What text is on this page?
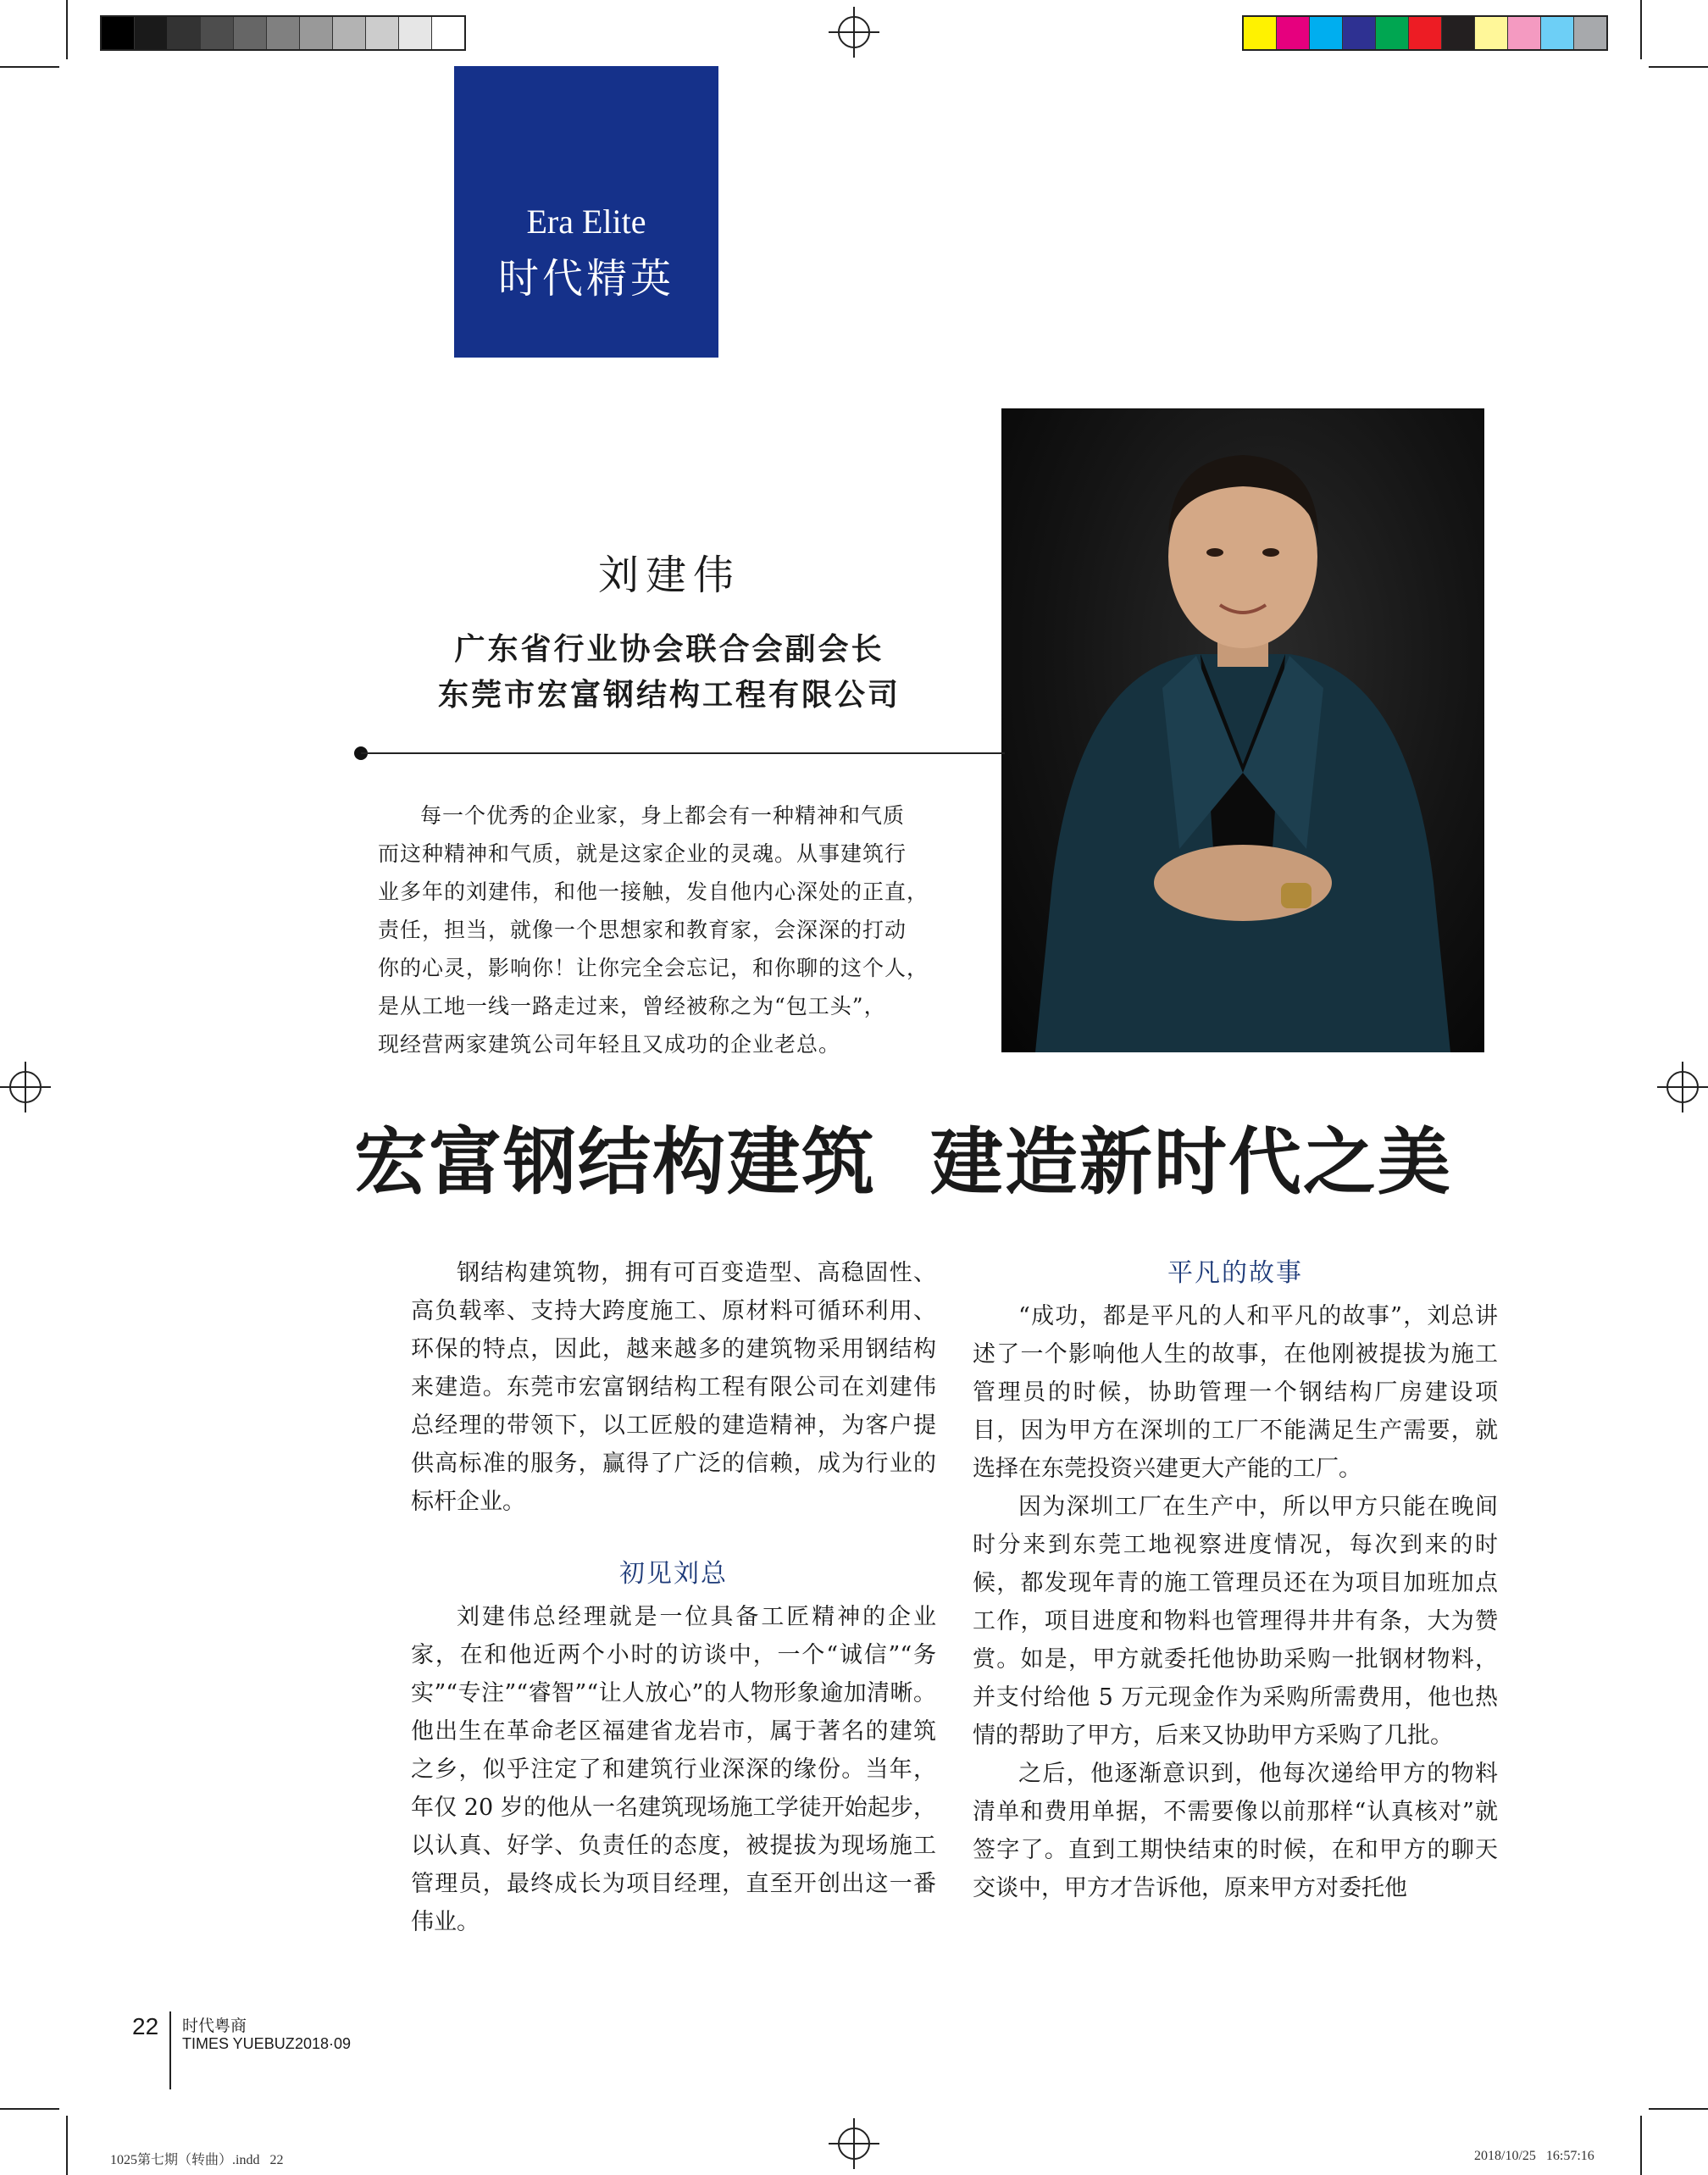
Era Elite
时代精英
刘建伟
广东省行业协会联合会副会长
东莞市宏富钢结构工程有限公司
每一个优秀的企业家，身上都会有一种精神和气质
而这种精神和气质，就是这家企业的灵魂。从事建筑行
业多年的刘建伟，和他一接触，发自他内心深处的正直，
责任，担当，就像一个思想家和教育家，会深深的打动
你的心灵，影响你！让你完全会忘记，和你聊的这个人，
是从工地一线一路走过来，曾经被称之为“包工头”，
现经营两家建筑公司年轻且又成功的企业老总。
宏富钢结构建筑  建造新时代之美

钢结构建筑物，拥有可百变造型、高稳固性、高负载率、支持大跨度施工、原材料可循环利用、环保的特点，因此，越来越多的建筑物采用钢结构来建造。东莞市宏富钢结构工程有限公司在刘建伟总经理的带领下，以工匠般的建造精神，为客户提供高标准的服务，赢得了广泛的信赖，成为行业的标杆企业。

初见刘总

刘建伟总经理就是一位具备工匠精神的企业家，在和他近两个小时的访谈中，一个“诚信”“务实”“专注”“睿智”“让人放心”的人物形象逾加清晰。他出生在革命老区福建省龙岩市，属于著名的建筑之乡，似乎注定了和建筑行业深深的缘份。当年，年仅 20 岁的他从一名建筑现场施工学徒开始起步，以认真、好学、负责任的态度，被提拔为现场施工管理员，最终成长为项目经理，直至开创出这一番伟业。

平凡的故事

“成功，都是平凡的人和平凡的故事”，刘总讲述了一个影响他人生的故事，在他刚被提拔为施工管理员的时候，协助管理一个钢结构厂房建设项目，因为甲方在深圳的工厂不能满足生产需要，就选择在东莞投资兴建更大产能的工厂。

因为深圳工厂在生产中，所以甲方只能在晚间时分来到东莞工地视察进度情况，每次到来的时候，都发现年青的施工管理员还在为项目加班加点工作，项目进度和物料也管理得井井有条，大为赞赏。如是，甲方就委托他协助采购一批钢材物料，并支付给他 5 万元现金作为采购所需费用，他也热情的帮助了甲方，后来又协助甲方采购了几批。

之后，他逐渐意识到，他每次递给甲方的物料清单和费用单据，不需要像以前那样“认真核对”就签字了。直到工期快结束的时候，在和甲方的聊天交谈中，甲方才告诉他，原来甲方对委托他

22 时代粤商
TIMES YUEBUZ 2018·09
1025第七期（转曲）.indd   22	2018/10/25   16:57:16
